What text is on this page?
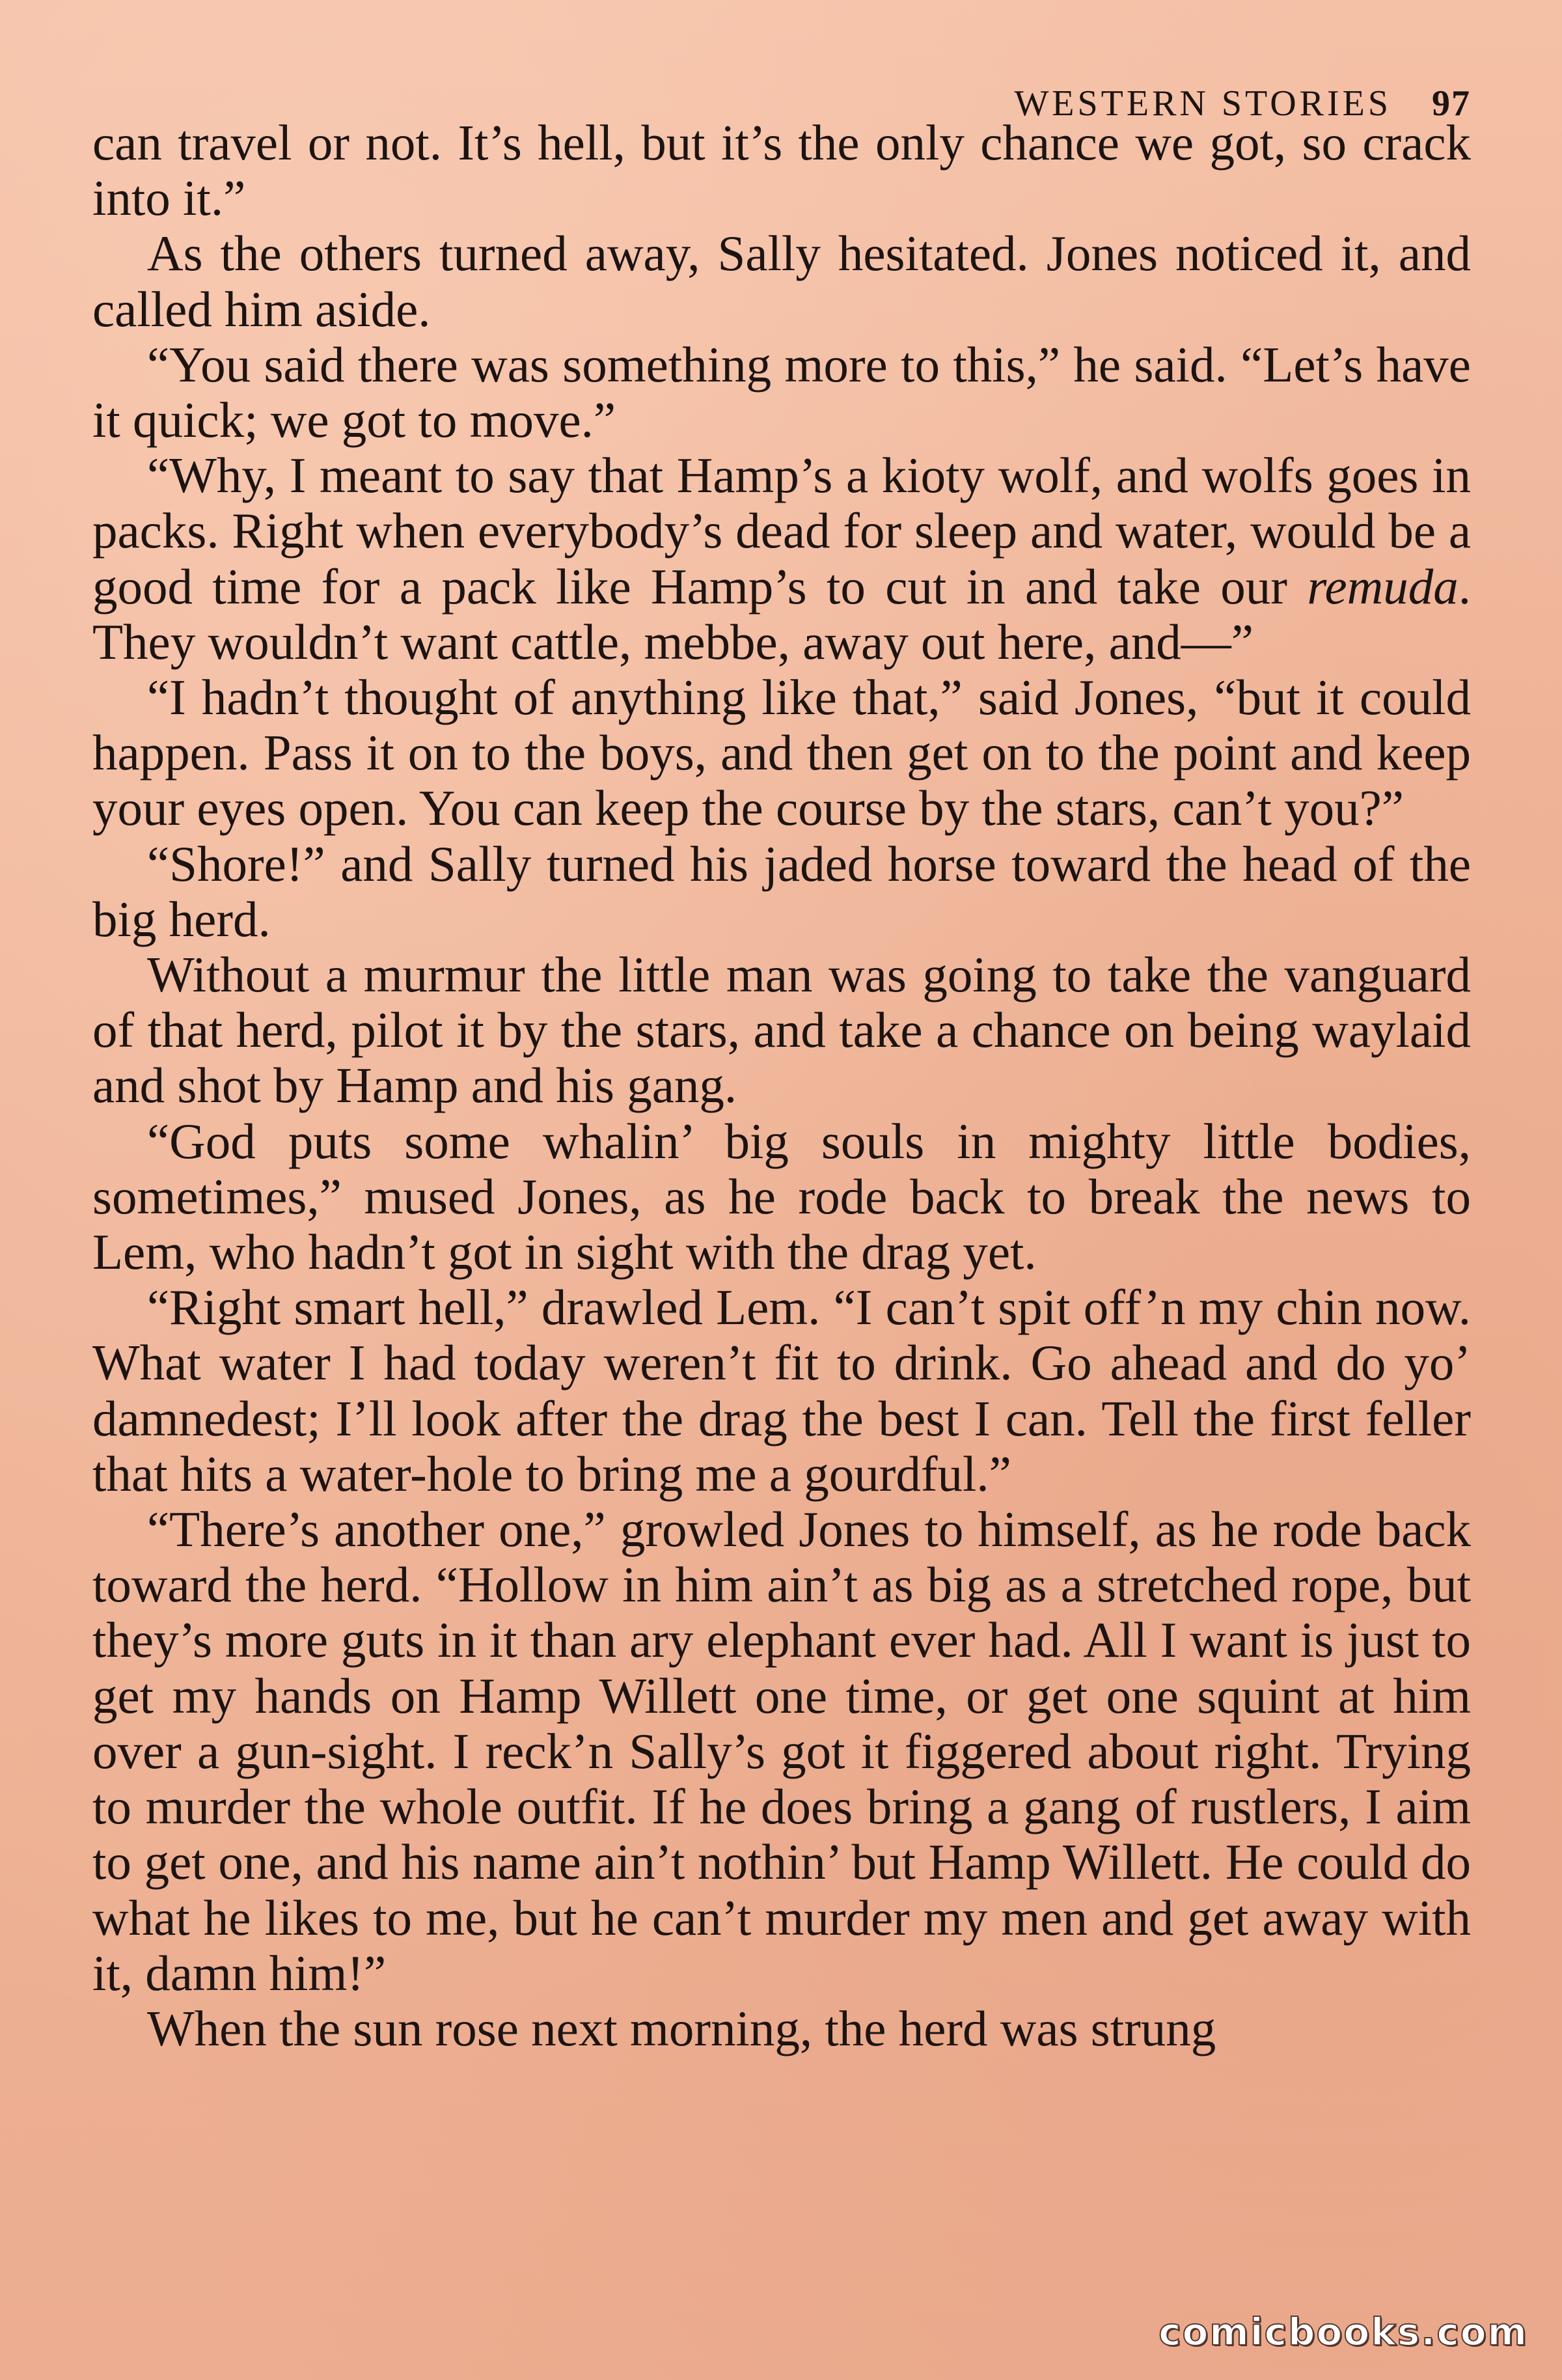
WESTERN STORIES 97

can travel or not. It’s hell, but it’s the only chance we got, so crack into it.”

As the others turned away, Sally hesitated. Jones noticed it, and called him aside.

“You said there was something more to this,” he said. “Let’s have it quick; we got to move.”

“Why, I meant to say that Hamp’s a kioty wolf, and wolfs goes in packs. Right when everybody’s dead for sleep and water, would be a good time for a pack like Hamp’s to cut in and take our remuda. They wouldn’t want cattle, mebbe, away out here, and—”

“I hadn’t thought of anything like that,” said Jones, “but it could happen. Pass it on to the boys, and then get on to the point and keep your eyes open. You can keep the course by the stars, can’t you?”

“Shore!” and Sally turned his jaded horse toward the head of the big herd.

Without a murmur the little man was going to take the vanguard of that herd, pilot it by the stars, and take a chance on being waylaid and shot by Hamp and his gang.

“God puts some whalin’ big souls in mighty little bodies, sometimes,” mused Jones, as he rode back to break the news to Lem, who hadn’t got in sight with the drag yet.

“Right smart hell,” drawled Lem. “I can’t spit off’n my chin now. What water I had today weren’t fit to drink. Go ahead and do yo’ damnedest; I’ll look after the drag the best I can. Tell the first feller that hits a water-hole to bring me a gourdful.”

“There’s another one,” growled Jones to himself, as he rode back toward the herd. “Hollow in him ain’t as big as a stretched rope, but they’s more guts in it than ary elephant ever had. All I want is just to get my hands on Hamp Willett one time, or get one squint at him over a gun-sight. I reck’n Sally’s got it figgered about right. Trying to murder the whole outfit. If he does bring a gang of rustlers, I aim to get one, and his name ain’t nothin’ but Hamp Willett. He could do what he likes to me, but he can’t murder my men and get away with it, damn him!”

When the sun rose next morning, the herd was strung

comicbooks.com
